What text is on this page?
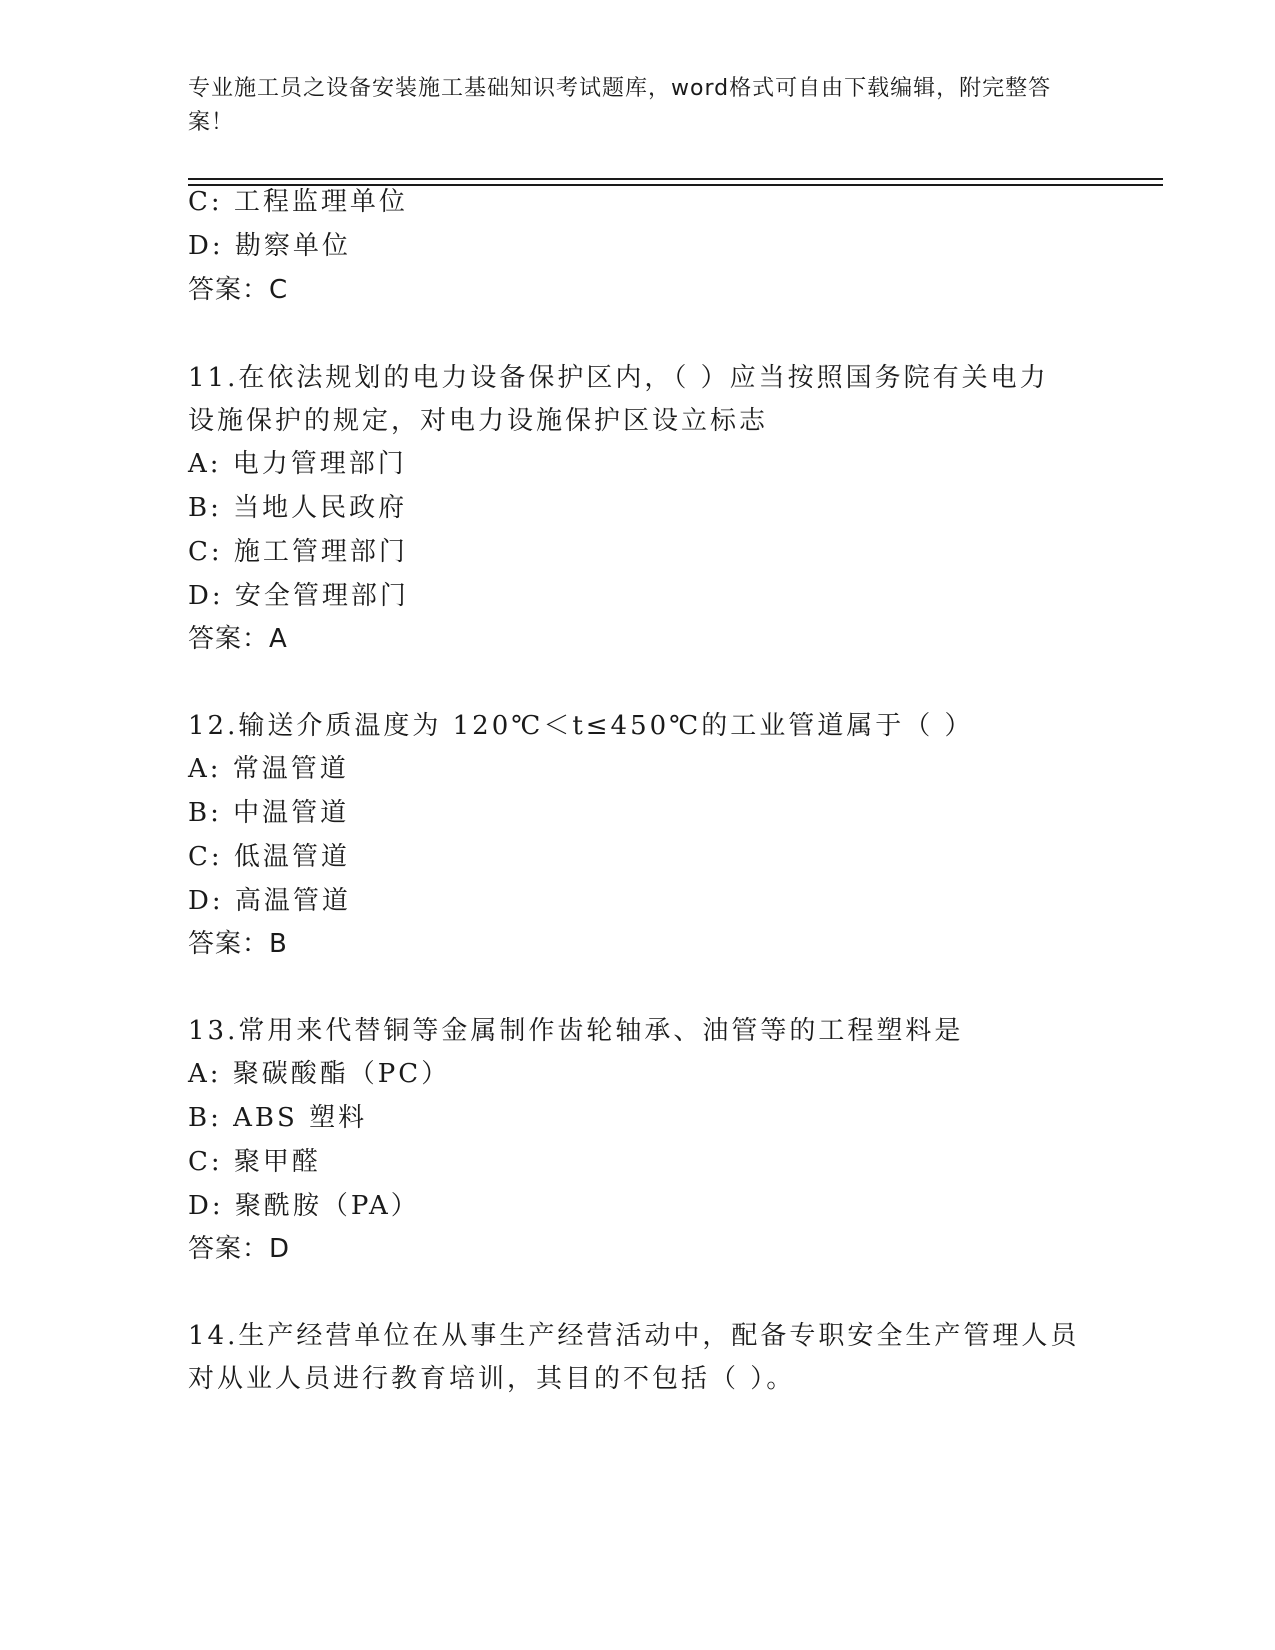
专业施工员之设备安装施工基础知识考试题库，word格式可自由下载编辑，附完整答案！
C: 工程监理单位
D: 勘察单位
答案：C
11.在依法规划的电力设备保护区内，（ ）应当按照国务院有关电力
设施保护的规定，对电力设施保护区设立标志
A: 电力管理部门
B: 当地人民政府
C: 施工管理部门
D: 安全管理部门
答案：A
12.输送介质温度为 120℃＜t≤450℃的工业管道属于（ ）
A: 常温管道
B: 中温管道
C: 低温管道
D: 高温管道
答案：B
13.常用来代替铜等金属制作齿轮轴承、油管等的工程塑料是
A: 聚碳酸酯（PC）
B: ABS 塑料
C: 聚甲醛
D: 聚酰胺（PA）
答案：D
14.生产经营单位在从事生产经营活动中，配备专职安全生产管理人员
对从业人员进行教育培训，其目的不包括（ ）。
